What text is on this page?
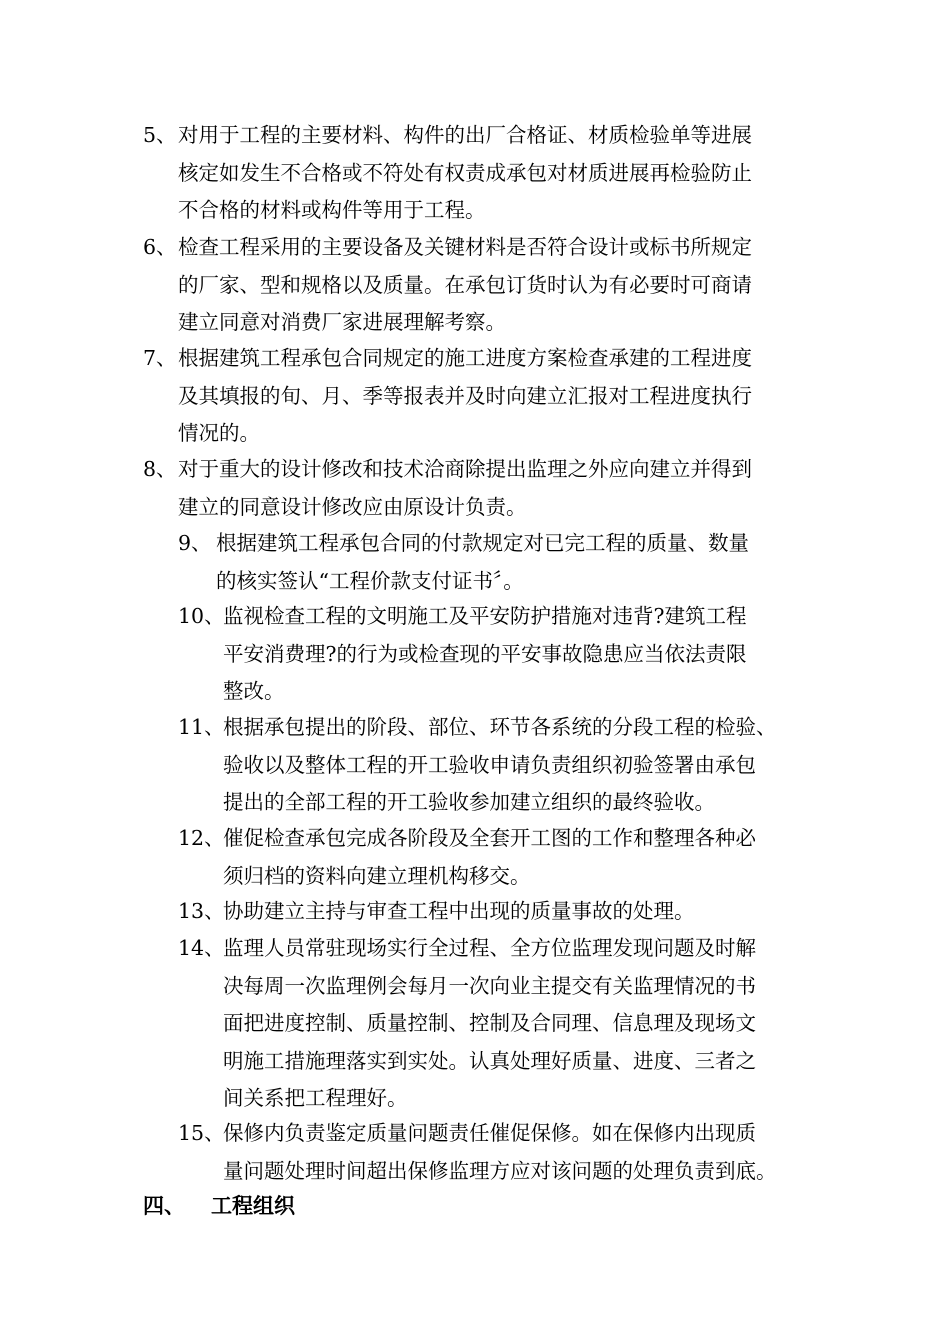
5、 对用于工程的主要材料、构件的出厂合格证、材质检验单等进展
核定如发生不合格或不符处有权责成承包对材质进展再检验防止
不合格的材料或构件等用于工程。
6、 检查工程采用的主要设备及关键材料是否符合设计或标书所规定
的厂家、型和规格以及质量。在承包订货时认为有必要时可商请
建立同意对消费厂家进展理解考察。
7、 根据建筑工程承包合同规定的施工进度方案检查承建的工程进度
及其填报的旬、月、季等报表并及时向建立汇报对工程进度执行
情况的。
8、 对于重大的设计修改和技术洽商除提出监理之外应向建立并得到
建立的同意设计修改应由原设计负责。
9、 根据建筑工程承包合同的付款规定对已完工程的质量、数量
的核实签认“工程价款支付证书〞。
10、
监视检查工程的文明施工及平安防护措施对违背?建筑工程
平安消费理?的行为或检查现的平安事故隐患应当依法责限
整改。
11、
根据承包提出的阶段、部位、环节各系统的分段工程的检验、
验收以及整体工程的开工验收申请负责组织初验签署由承包
提出的全部工程的开工验收参加建立组织的最终验收。
12、
催促检查承包完成各阶段及全套开工图的工作和整理各种必
须归档的资料向建立理机构移交。
13、
协助建立主持与审查工程中出现的质量事故的处理。
14、
监理人员常驻现场实行全过程、全方位监理发现问题及时解
决每周一次监理例会每月一次向业主提交有关监理情况的书
面把进度控制、质量控制、控制及合同理、信息理及现场文
明施工措施理落实到实处。认真处理好质量、进度、三者之
间关系把工程理好。
15、
保修内负责鉴定质量问题责任催促保修。如在保修内出现质
量问题处理时间超出保修监理方应对该问题的处理负责到底。
四、 工程组织
